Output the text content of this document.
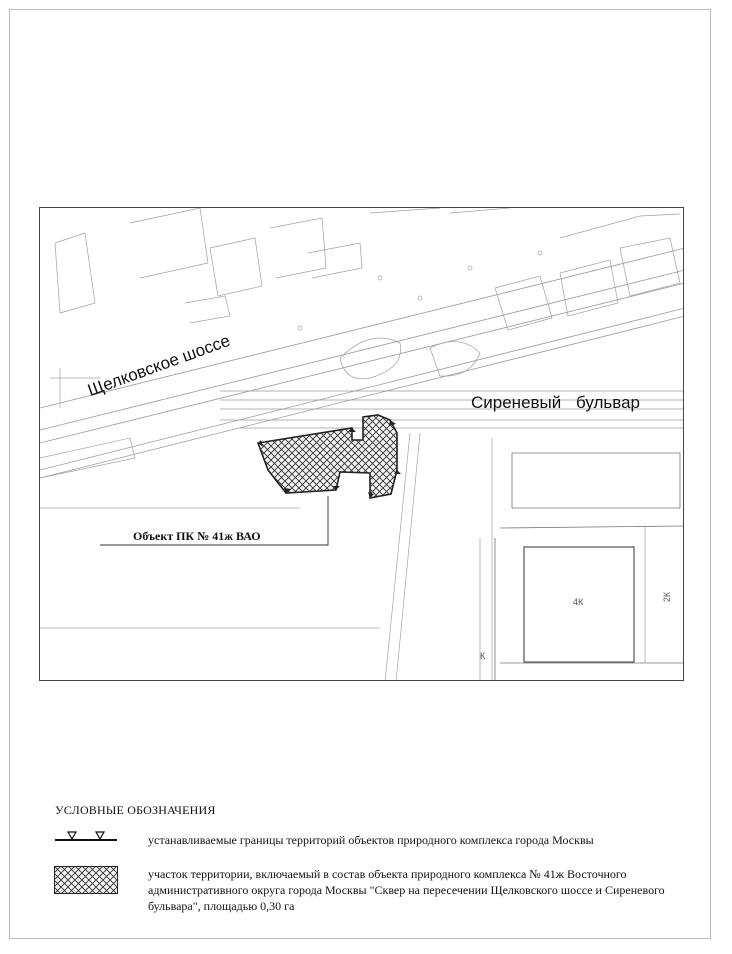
Щелковское шоссе
Сиреневый бульвар
Объект ПК № 41ж ВАО
4К	2К
К
УСЛОВНЫЕ ОБОЗНАЧЕНИЯ
устанавливаемые границы территорий объектов природного комплекса города Москвы
участок территории, включаемый в состав объекта природного комплекса № 41ж Восточного административного округа города Москвы "Сквер на пересечении Щелковского шоссе и Сиреневого бульвара", площадью 0,30 га
